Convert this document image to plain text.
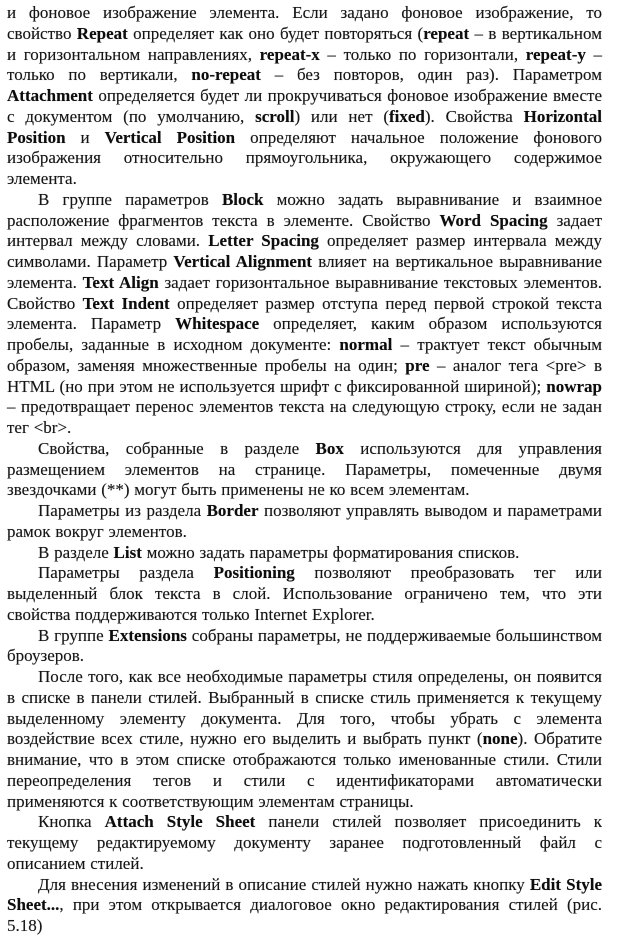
и фоновое изображение элемента. Если задано фоновое изображение, то свойство Repeat определяет как оно будет повторяться (repeat – в вертикальном и горизонтальном направлениях, repeat-x – только по горизонтали, repeat-y – только по вертикали, no-repeat – без повторов, один раз). Параметром Attachment определяется будет ли прокручиваться фоновое изображение вместе с документом (по умолчанию, scroll) или нет (fixed). Свойства Horizontal Position и Vertical Position определяют начальное положение фонового изображения относительно прямоугольника, окружающего содержимое элемента.

В группе параметров Block можно задать выравнивание и взаимное расположение фрагментов текста в элементе. Свойство Word Spacing задает интервал между словами. Letter Spacing определяет размер интервала между символами. Параметр Vertical Alignment влияет на вертикальное выравнивание элемента. Text Align задает горизонтальное выравнивание текстовых элементов. Свойство Text Indent определяет размер отступа перед первой строкой текста элемента. Параметр Whitespace определяет, каким образом используются пробелы, заданные в исходном документе: normal – трактует текст обычным образом, заменяя множественные пробелы на один; pre – аналог тега <pre> в HTML (но при этом не используется шрифт с фиксированной шириной); nowrap – предотвращает перенос элементов текста на следующую строку, если не задан тег <br>.

Свойства, собранные в разделе Box используются для управления размещением элементов на странице. Параметры, помеченные двумя звездочками (**) могут быть применены не ко всем элементам.

Параметры из раздела Border позволяют управлять выводом и параметрами рамок вокруг элементов.

В разделе List можно задать параметры форматирования списков.

Параметры раздела Positioning позволяют преобразовать тег или выделенный блок текста в слой. Использование ограничено тем, что эти свойства поддерживаются только Internet Explorer.

В группе Extensions собраны параметры, не поддерживаемые большинством броузеров.

После того, как все необходимые параметры стиля определены, он появится в списке в панели стилей. Выбранный в списке стиль применяется к текущему выделенному элементу документа. Для того, чтобы убрать с элемента воздействие всех стиле, нужно его выделить и выбрать пункт (none). Обратите внимание, что в этом списке отображаются только именованные стили. Стили переопределения тегов и стили с идентификаторами автоматически применяются к соответствующим элементам страницы.

Кнопка Attach Style Sheet панели стилей позволяет присоединить к текущему редактируемому документу заранее подготовленный файл с описанием стилей.

Для внесения изменений в описание стилей нужно нажать кнопку Edit Style Sheet..., при этом открывается диалоговое окно редактирования стилей (рис. 5.18)
